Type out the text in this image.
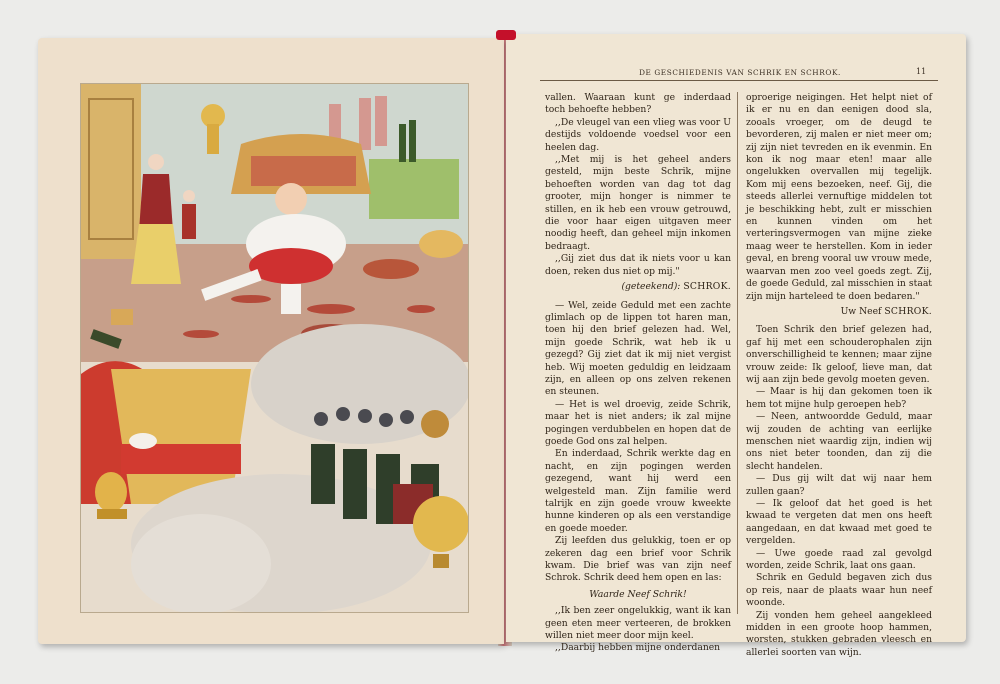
DE GESCHIEDENIS VAN SCHRIK EN SCHROK.	11

vallen. Waaraan kunt ge inderdaad toch behoefte hebben?

,,De vleugel van een vlieg was voor U destijds voldoende voedsel voor een heelen dag.

,,Met mij is het geheel anders gesteld, mijn beste Schrik, mijne behoeften worden van dag tot dag grooter, mijn honger is nimmer te stillen, en ik heb een vrouw getrouwd, die voor haar eigen uitgaven meer noodig heeft, dan geheel mijn inkomen bedraagt.

,,Gij ziet dus dat ik niets voor u kan doen, reken dus niet op mij."

(geteekend): SCHROK.

— Wel, zeide Geduld met een zachte glimlach op de lippen tot haren man, toen hij den brief gelezen had. Wel, mijn goede Schrik, wat heb ik u gezegd? Gij ziet dat ik mij niet vergist heb. Wij moeten geduldig en leidzaam zijn, en alleen op ons zelven rekenen en steunen.

— Het is wel droevig, zeide Schrik, maar het is niet anders; ik zal mijne pogingen verdubbelen en hopen dat de goede God ons zal helpen.

En inderdaad, Schrik werkte dag en nacht, en zijn pogingen werden gezegend, want hij werd een welgesteld man. Zijn familie werd talrijk en zijn goede vrouw kweekte hunne kinderen op als een verstandige en goede moeder.

Zij leefden dus gelukkig, toen er op zekeren dag een brief voor Schrik kwam. Die brief was van zijn neef Schrok. Schrik deed hem open en las:

Waarde Neef Schrik!

,,Ik ben zeer ongelukkig, want ik kan geen eten meer verteeren, de brokken willen niet meer door mijn keel.

,,Daarbij hebben mijne onderdanen

oproerige neigingen. Het helpt niet of ik er nu en dan eenigen dood sla, zooals vroeger, om de deugd te bevorderen, zij malen er niet meer om; zij zijn niet tevreden en ik evenmin. En kon ik nog maar eten! maar alle ongelukken overvallen mij tegelijk. Kom mij eens bezoeken, neef. Gij, die steeds allerlei vernuftige middelen tot je beschikking hebt, zult er misschien en kunnen vinden om het verteringsvermogen van mijne zieke maag weer te herstellen. Kom in ieder geval, en breng vooral uw vrouw mede, waarvan men zoo veel goeds zegt. Zij, de goede Geduld, zal misschien in staat zijn mijn harteleed te doen bedaren."

Uw Neef SCHROK.

Toen Schrik den brief gelezen had, gaf hij met een schouderophalen zijn onverschilligheid te kennen; maar zijne vrouw zeide: Ik geloof, lieve man, dat wij aan zijn bede gevolg moeten geven.

— Maar is hij dan gekomen toen ik hem tot mijne hulp geroepen heb?

— Neen, antwoordde Geduld, maar wij zouden de achting van eerlijke menschen niet waardig zijn, indien wij ons niet beter toonden, dan zij die slecht handelen.

— Dus gij wilt dat wij naar hem zullen gaan?

— Ik geloof dat het goed is het kwaad te vergeten dat men ons heeft aangedaan, en dat kwaad met goed te vergelden.

— Uwe goede raad zal gevolgd worden, zeide Schrik, laat ons gaan.

Schrik en Geduld begaven zich dus op reis, naar de plaats waar hun neef woonde.

Zij vonden hem geheel aangekleed midden in een groote hoop hammen, worsten, stukken gebraden vleesch en allerlei soorten van wijn.
